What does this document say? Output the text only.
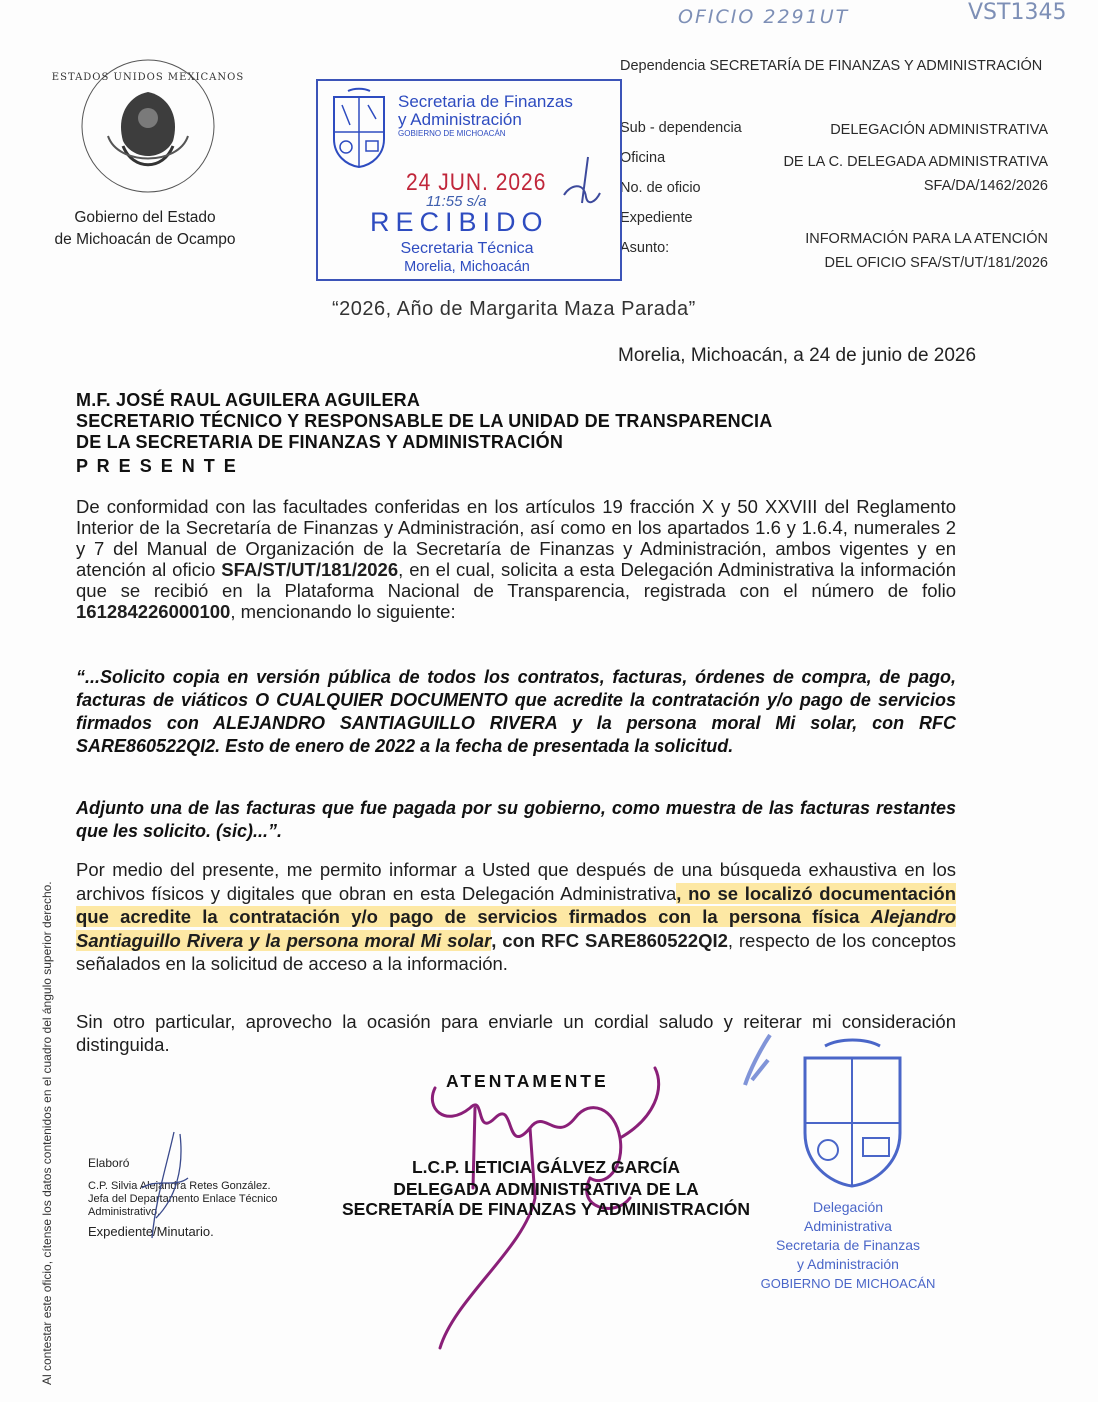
OFICIO 2291UT	VST1345
ESTADOS UNIDOS MEXICANOS
Gobierno del Estado
de Michoacán de Ocampo
Dependencia SECRETARÍA DE FINANZAS Y ADMINISTRACIÓN
Sub - dependencia	DELEGACIÓN ADMINISTRATIVA
Oficina	DE LA C. DELEGADA ADMINISTRATIVA
No. de oficio	SFA/DA/1462/2026
Expediente
Asunto:
INFORMACIÓN PARA LA ATENCIÓN
DEL OFICIO SFA/ST/UT/181/2026
Secretaria de Finanzas
y Administración
GOBIERNO DE MICHOACÁN
24 JUN. 2026
11:55 s/a
RECIBIDO
Secretaria Técnica
Morelia, Michoacán
“2026, Año de Margarita Maza Parada”
Morelia, Michoacán, a 24 de junio de 2026
M.F. JOSÉ RAUL AGUILERA AGUILERA
SECRETARIO TÉCNICO Y RESPONSABLE DE LA UNIDAD DE TRANSPARENCIA
DE LA SECRETARIA DE FINANZAS Y ADMINISTRACIÓN
P R E S E N T E
De conformidad con las facultades conferidas en los artículos 19 fracción X y 50 XXVIII del Reglamento Interior de la Secretaría de Finanzas y Administración, así como en los apartados 1.6 y 1.6.4, numerales 2 y 7 del Manual de Organización de la Secretaría de Finanzas y Administración, ambos vigentes y en atención al oficio SFA/ST/UT/181/2026, en el cual, solicita a esta Delegación Administrativa la información que se recibió en la Plataforma Nacional de Transparencia, registrada con el número de folio 161284226000100, mencionando lo siguiente:
“...Solicito copia en versión pública de todos los contratos, facturas, órdenes de compra, de pago, facturas de viáticos O CUALQUIER DOCUMENTO que acredite la contratación y/o pago de servicios firmados con ALEJANDRO SANTIAGUILLO RIVERA y la persona moral Mi solar, con RFC SARE860522QI2. Esto de enero de 2022 a la fecha de presentada la solicitud.
Adjunto una de las facturas que fue pagada por su gobierno, como muestra de las facturas restantes que les solicito. (sic)...”.
Por medio del presente, me permito informar a Usted que después de una búsqueda exhaustiva en los archivos físicos y digitales que obran en esta Delegación Administrativa, no se localizó documentación que acredite la contratación y/o pago de servicios firmados con la persona física Alejandro Santiaguillo Rivera y la persona moral Mi solar, con RFC SARE860522QI2, respecto de los conceptos señalados en la solicitud de acceso a la información.
Sin otro particular, aprovecho la ocasión para enviarle un cordial saludo y reiterar mi consideración distinguida.
ATENTAMENTE
L.C.P. LETICIA GÁLVEZ GARCÍA
DELEGADA ADMINISTRATIVA DE LA
SECRETARÍA DE FINANZAS Y ADMINISTRACIÓN
Elaboró
C.P. Silvia Alejandra Retes González.
Jefa del Departamento Enlace Técnico
Administrativo.
Expediente/Minutario.
Delegación
Administrativa
Secretaria de Finanzas
y Administración
GOBIERNO DE MICHOACÁN
Al contestar este oficio, cítense los datos contenidos en el cuadro del ángulo superior derecho.
